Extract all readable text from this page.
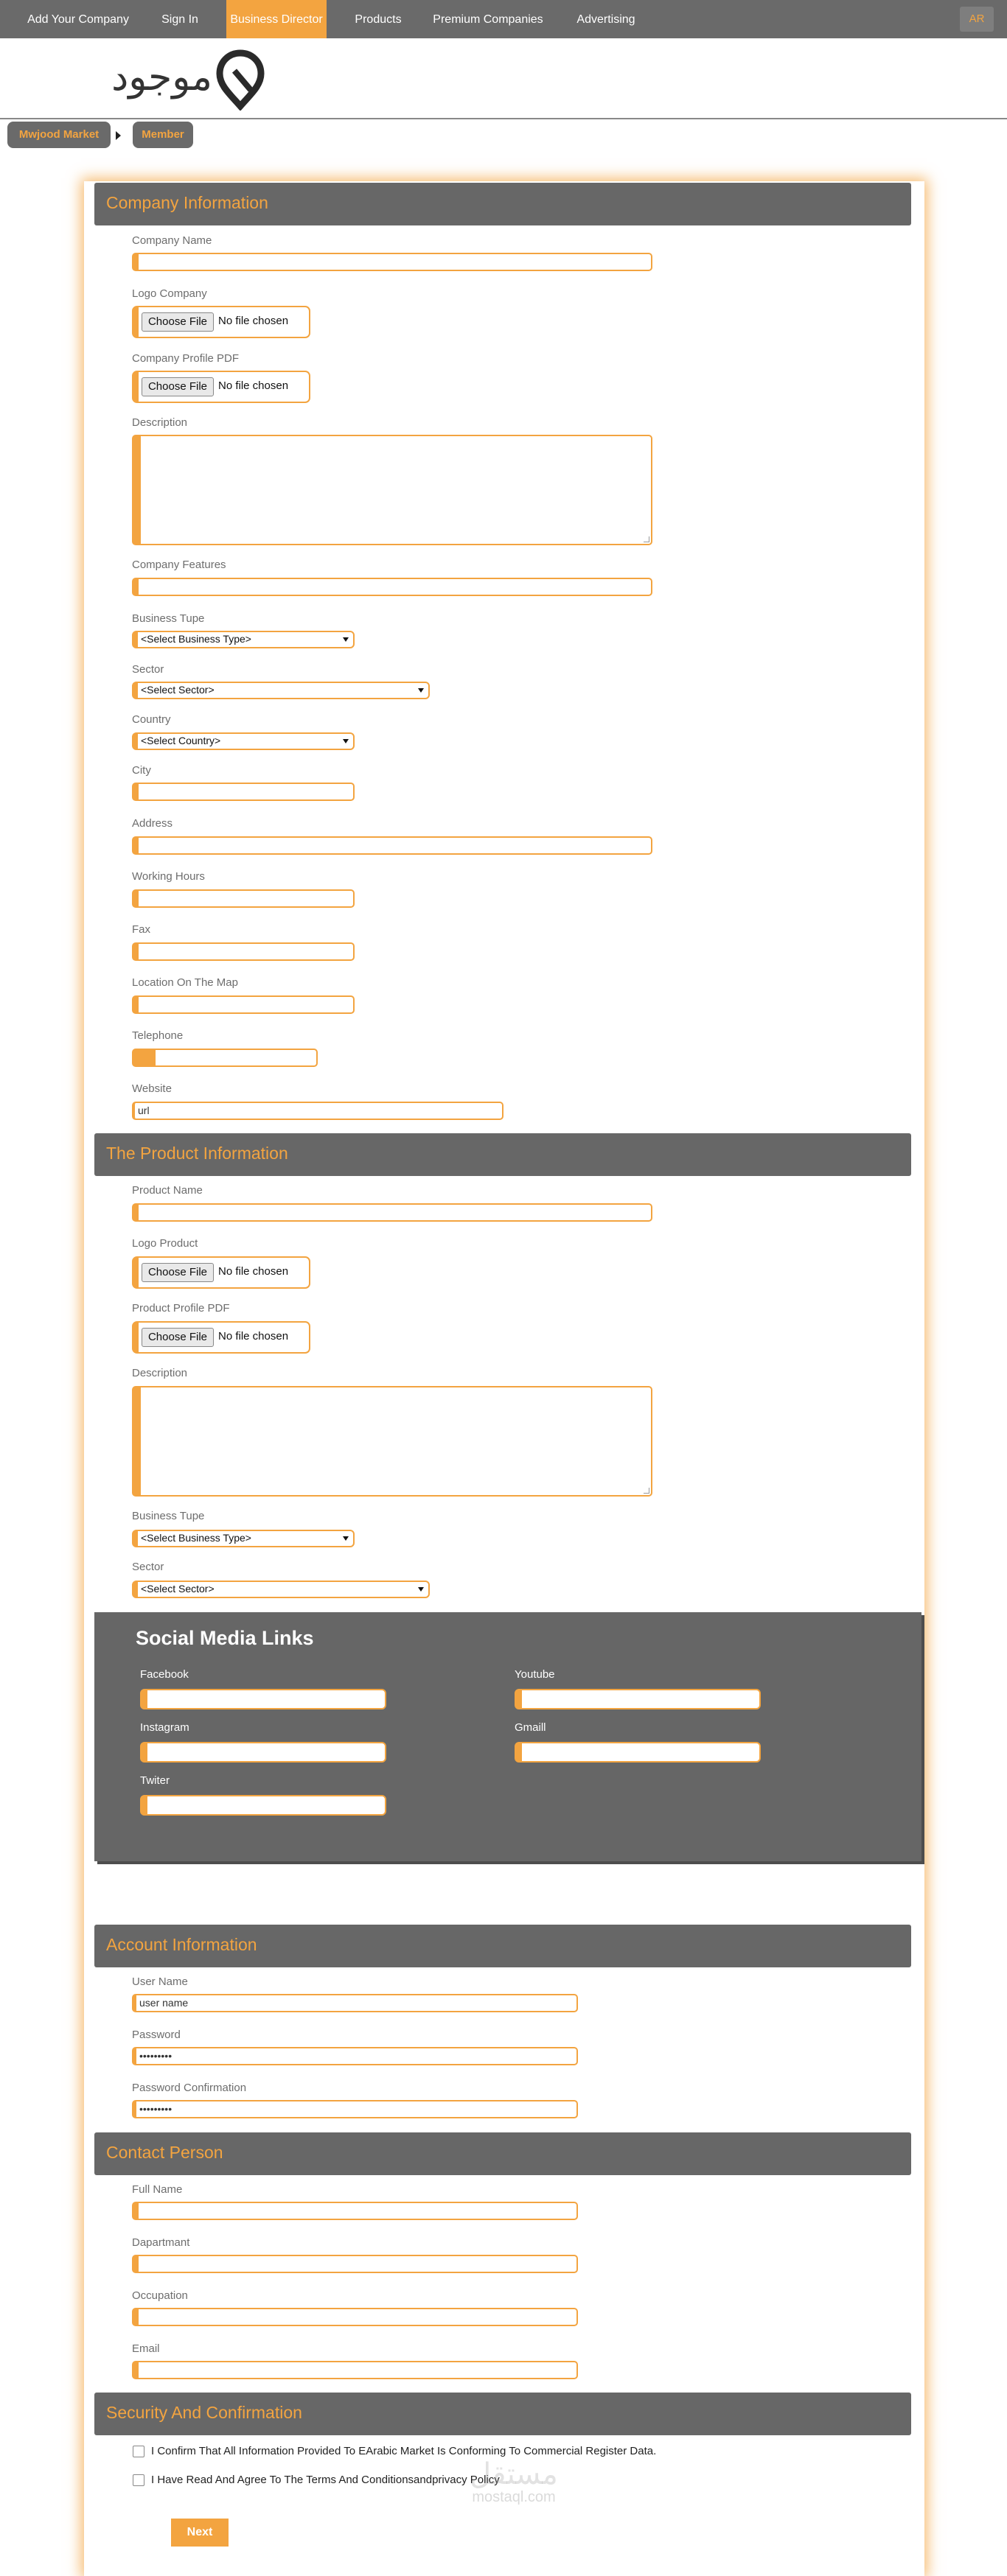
Add Your Company	Sign In	Business Director	Products	Premium Companies	Advertising	AR
موجود
Mwjood Market	Member
Company Information
Company Name
Logo Company
Choose File No file chosen
Company Profile PDF
Choose File No file chosen
Description
Company Features
Business Tupe
<Select Business Type>
Sector
<Select Sector>
Country
<Select Country>
City
Address
Working Hours
Fax
Location On The Map
Telephone
Website
url
The Product Information
Product Name
Logo Product
Choose File No file chosen
Product Profile PDF
Choose File No file chosen
Description
Business Tupe
<Select Business Type>
Sector
<Select Sector>
Social Media Links
Facebook	Youtube
Instagram	Gmaill
Twiter
Account Information
User Name
user name
Password
•••••••••
Password Confirmation
•••••••••
Contact Person
Full Name
Dapartmant
Occupation
Email
Security And Confirmation
I Confirm That All Information Provided To EArabic Market Is Conforming To Commercial Register Data.
I Have Read And Agree To The Terms And Conditionsandprivacy Policy
مستقل
mostaql.com
Next
